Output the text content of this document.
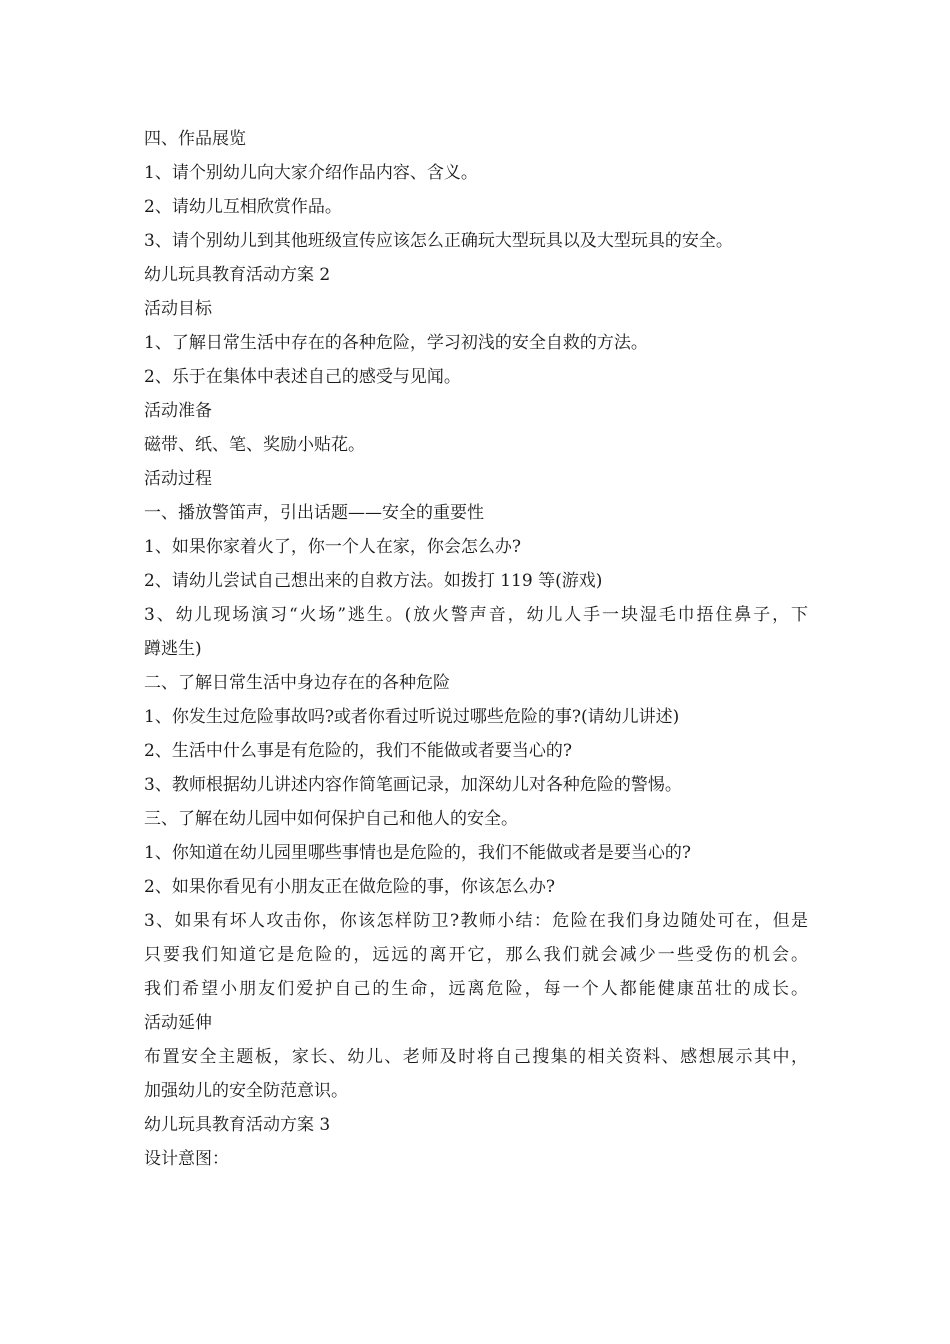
四、作品展览
1、请个别幼儿向大家介绍作品内容、含义。
2、请幼儿互相欣赏作品。
3、请个别幼儿到其他班级宣传应该怎么正确玩大型玩具以及大型玩具的安全。
幼儿玩具教育活动方案 2
活动目标
1、了解日常生活中存在的各种危险，学习初浅的安全自救的方法。
2、乐于在集体中表述自己的感受与见闻。
活动准备
磁带、纸、笔、奖励小贴花。
活动过程
一、播放警笛声，引出话题——安全的重要性
1、如果你家着火了，你一个人在家，你会怎么办?
2、请幼儿尝试自己想出来的自救方法。如拨打 119 等(游戏)
3、幼儿现场演习“火场”逃生。(放火警声音，幼儿人手一块湿毛巾捂住鼻子，下
蹲逃生)
二、了解日常生活中身边存在的各种危险
1、你发生过危险事故吗?或者你看过听说过哪些危险的事?(请幼儿讲述)
2、生活中什么事是有危险的，我们不能做或者要当心的?
3、教师根据幼儿讲述内容作简笔画记录，加深幼儿对各种危险的警惕。
三、了解在幼儿园中如何保护自己和他人的安全。
1、你知道在幼儿园里哪些事情也是危险的，我们不能做或者是要当心的?
2、如果你看见有小朋友正在做危险的事，你该怎么办?
3、如果有坏人攻击你，你该怎样防卫?教师小结：危险在我们身边随处可在，但是
只要我们知道它是危险的，远远的离开它，那么我们就会减少一些受伤的机会。
我们希望小朋友们爱护自己的生命，远离危险，每一个人都能健康茁壮的成长。
活动延伸
布置安全主题板，家长、幼儿、老师及时将自己搜集的相关资料、感想展示其中，
加强幼儿的安全防范意识。
幼儿玩具教育活动方案 3
设计意图：
